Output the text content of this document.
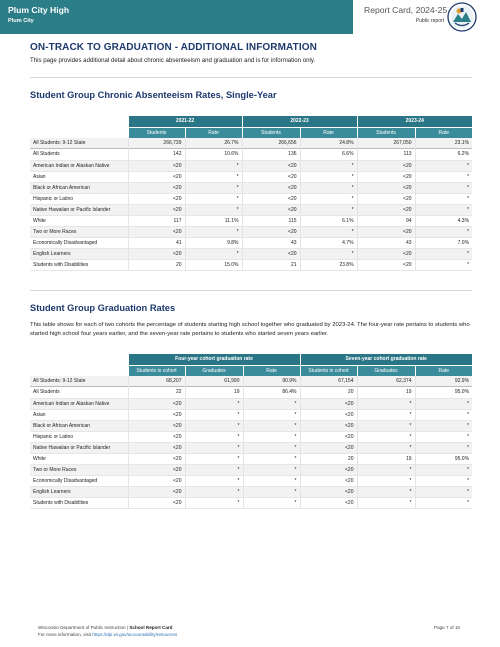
Plum City High
Plum City
Report Card, 2024-25
Public report
ON-TRACK TO GRADUATION - ADDITIONAL INFORMATION
This page provides additional detail about chronic absenteeism and graduation and is for information only.
Student Group Chronic Absenteeism Rates, Single-Year
	2021-22		2022-23		2023-24	
	Students	Rate	Students	Rate	Students	Rate
All Students: 9-12 State	266,739	26.7%	266,656	24.8%	267,050	23.1%
All Students	142	10.6%	136	6.6%	113	6.2%
American Indian or Alaskan Native	<20	*	<20	*	<20	*
Asian	<20	*	<20	*	<20	*
Black or African American	<20	*	<20	*	<20	*
Hispanic or Latino	<20	*	<20	*	<20	*
Native Hawaiian or Pacific Islander	<20	*	<20	*	<20	*
White	117	11.1%	115	6.1%	94	4.3%
Two or More Races	<20	*	<20	*	<20	*
Economically Disadvantaged	41	9.8%	43	4.7%	43	7.0%
English Learners	<20	*	<20	*	<20	*
Students with Disabilities	20	15.0%	21	23.8%	<20	*
Student Group Graduation Rates
This table shows for each of two cohorts the percentage of students starting high school together who graduated by 2023-24. The four-year rate pertains to students who started high school four years earlier, and the seven-year rate pertains to students who started seven years earlier.
	Four-year cohort graduation rate			Seven-year cohort graduation rate		
	Students in cohort	Graduates	Rate	Students in cohort	Graduates	Rate
All Students: 9-12 State	68,207	61,990	90.9%	67,154	62,374	92.9%
All Students	22	19	86.4%	20	19	95.0%
American Indian or Alaskan Native	<20	*	*	<20	*	*
Asian	<20	*	*	<20	*	*
Black or African American	<20	*	*	<20	*	*
Hispanic or Latino	<20	*	*	<20	*	*
Native Hawaiian or Pacific Islander	<20	*	*	<20	*	*
White	<20	*	*	20	19	95.0%
Two or More Races	<20	*	*	<20	*	*
Economically Disadvantaged	<20	*	*	<20	*	*
English Learners	<20	*	*	<20	*	*
Students with Disabilities	<20	*	*	<20	*	*
Wisconsin Department of Public Instruction | School Report Card
For more information, visit https://dpi.wi.gov/accountability/resources
Page 7 of 10
